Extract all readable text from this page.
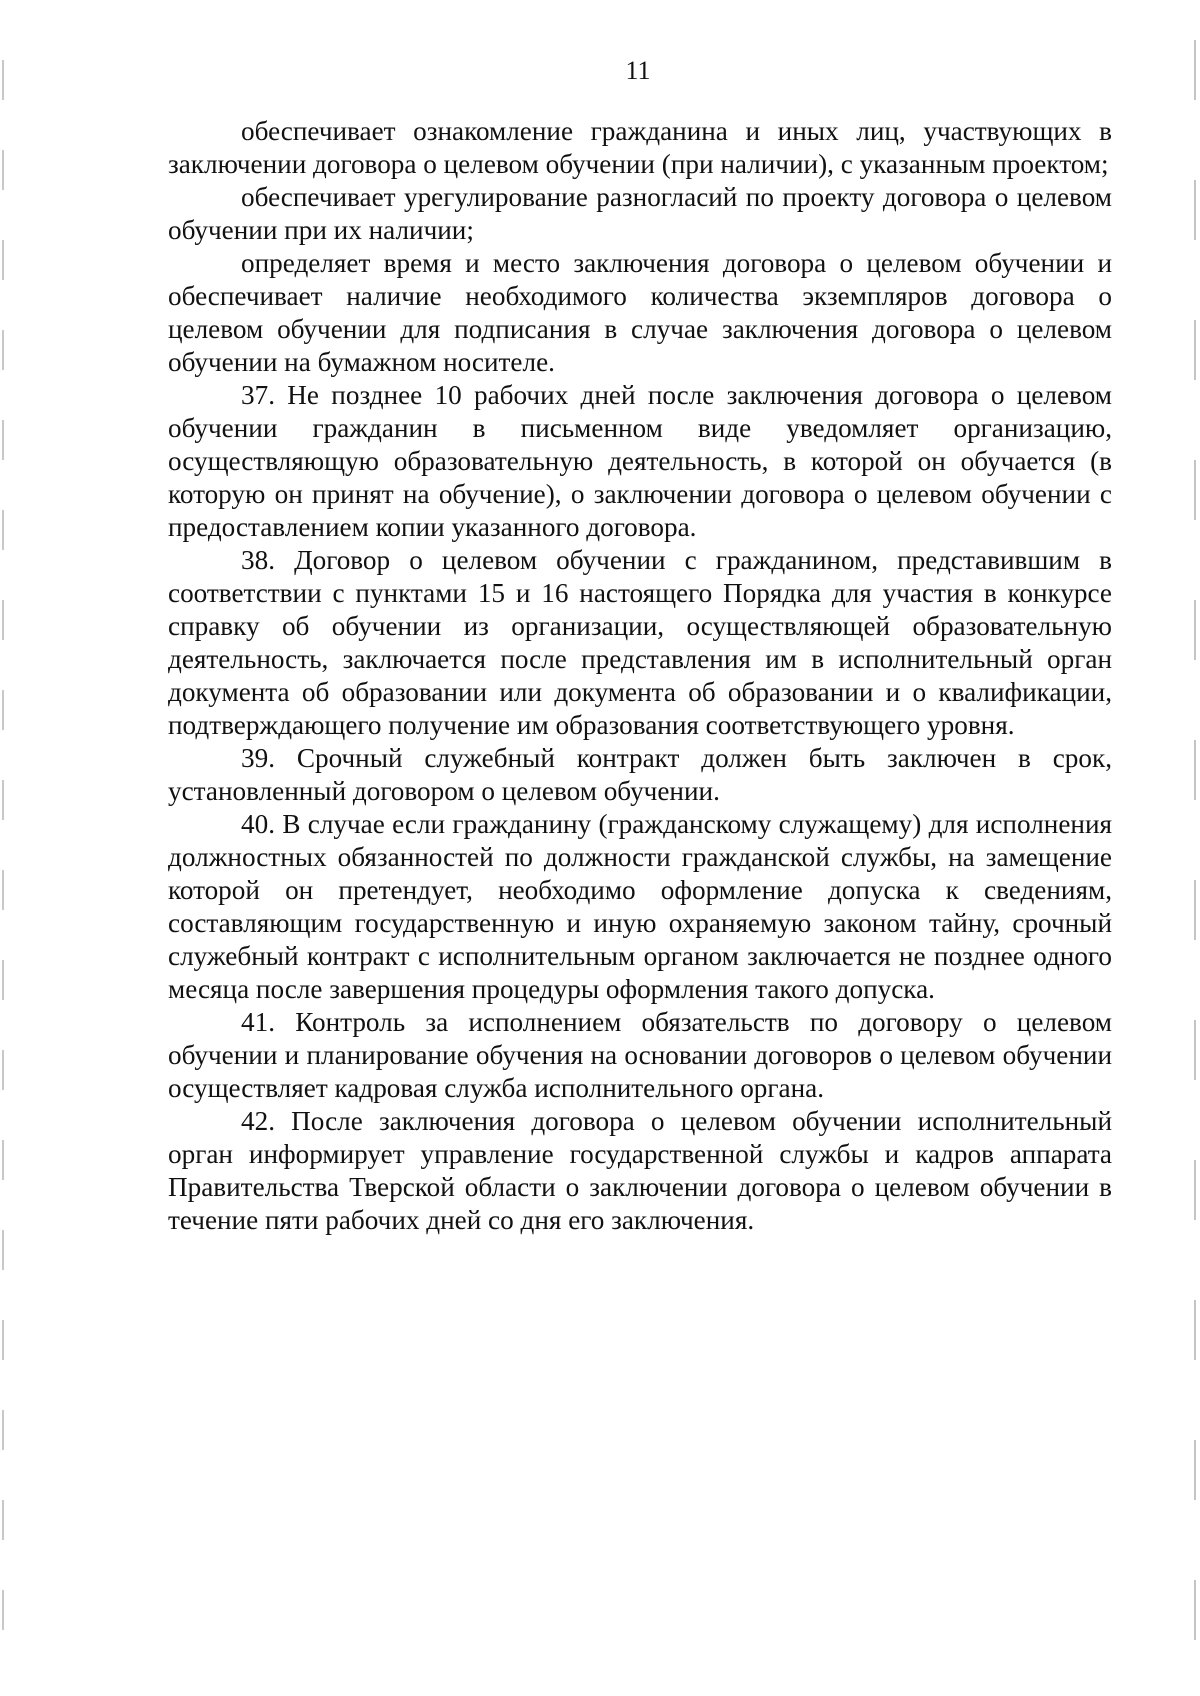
11

обеспечивает ознакомление гражданина и иных лиц, участвующих в заключении договора о целевом обучении (при наличии), с указанным проектом;

обеспечивает урегулирование разногласий по проекту договора о целевом обучении при их наличии;

определяет время и место заключения договора о целевом обучении и обеспечивает наличие необходимого количества экземпляров договора о целевом обучении для подписания в случае заключения договора о целевом обучении на бумажном носителе.

37. Не позднее 10 рабочих дней после заключения договора о целевом обучении гражданин в письменном виде уведомляет организацию, осуществляющую образовательную деятельность, в которой он обучается (в которую он принят на обучение), о заключении договора о целевом обучении с предоставлением копии указанного договора.

38. Договор о целевом обучении с гражданином, представившим в соответствии с пунктами 15 и 16 настоящего Порядка для участия в конкурсе справку об обучении из организации, осуществляющей образовательную деятельность, заключается после представления им в исполнительный орган документа об образовании или документа об образовании и о квалификации, подтверждающего получение им образования соответствующего уровня.

39. Срочный служебный контракт должен быть заключен в срок, установленный договором о целевом обучении.

40. В случае если гражданину (гражданскому служащему) для исполнения должностных обязанностей по должности гражданской службы, на замещение которой он претендует, необходимо оформление допуска к сведениям, составляющим государственную и иную охраняемую законом тайну, срочный служебный контракт с исполнительным органом заключается не позднее одного месяца после завершения процедуры оформления такого допуска.

41. Контроль за исполнением обязательств по договору о целевом обучении и планирование обучения на основании договоров о целевом обучении осуществляет кадровая служба исполнительного органа.

42. После заключения договора о целевом обучении исполнительный орган информирует управление государственной службы и кадров аппарата Правительства Тверской области о заключении договора о целевом обучении в течение пяти рабочих дней со дня его заключения.
